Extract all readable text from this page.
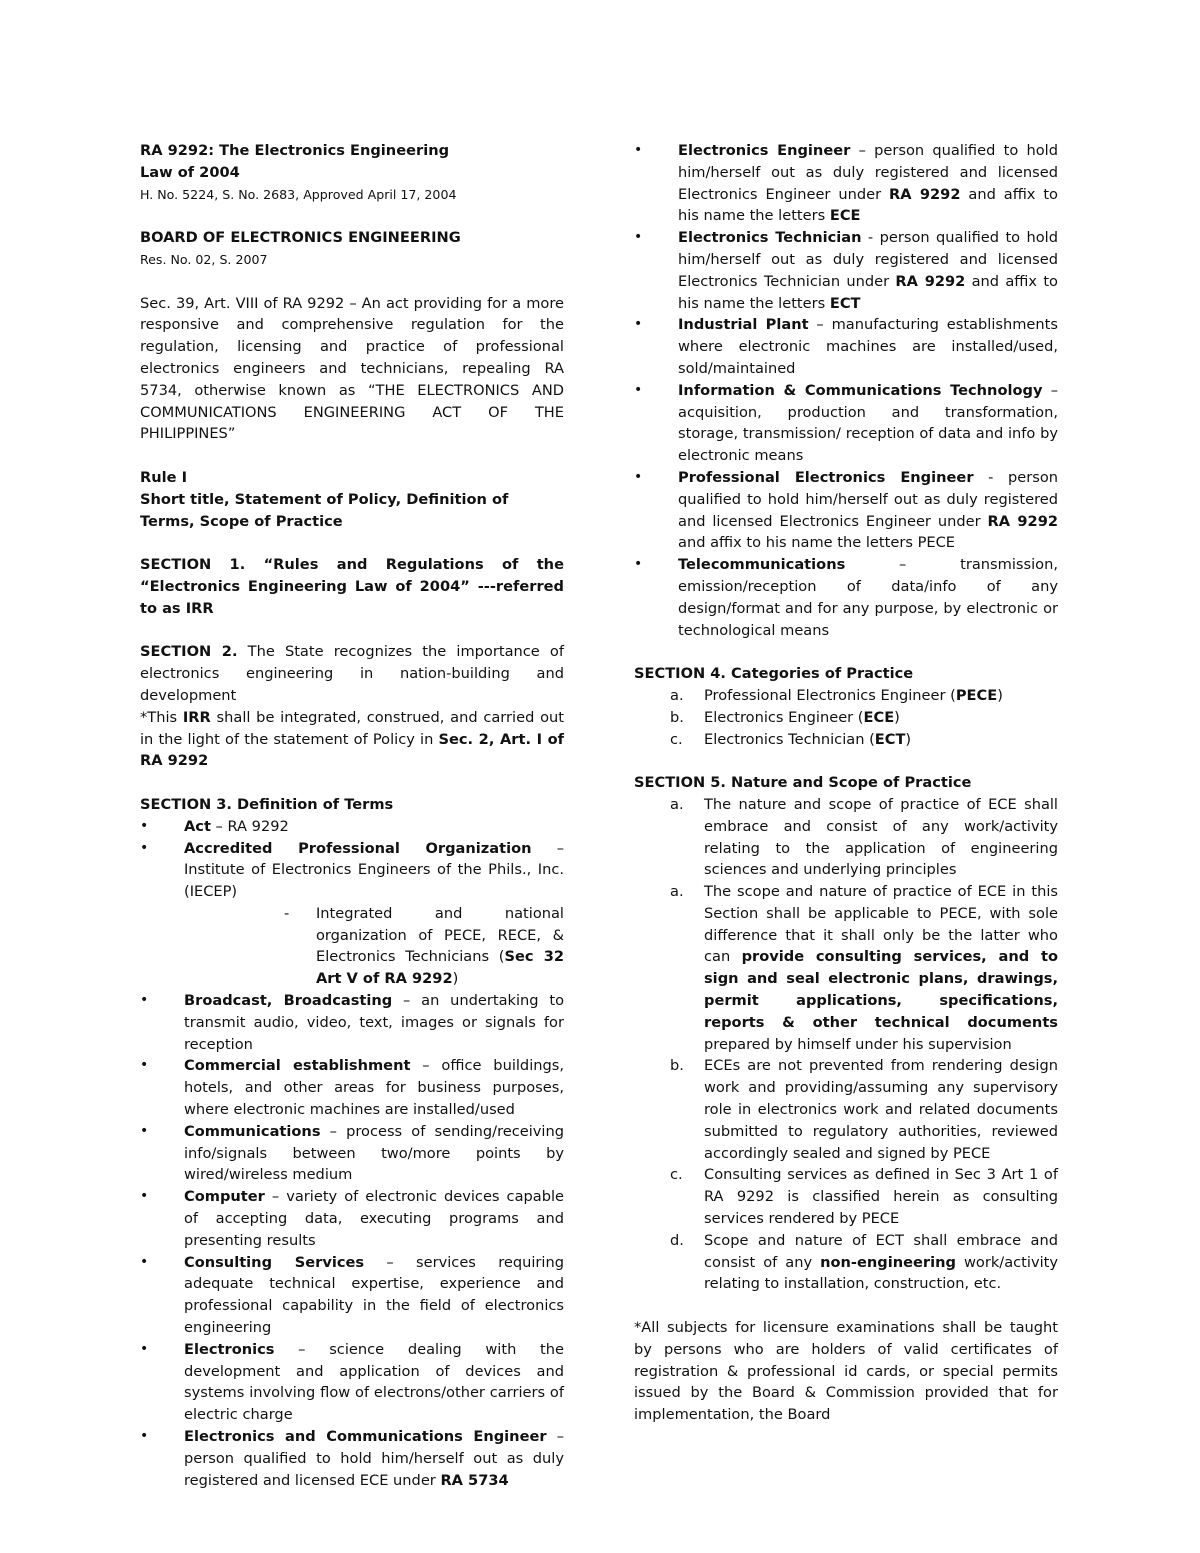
RA 9292: The Electronics Engineering

Law of 2004

H. No. 5224, S. No. 2683, Approved April 17, 2004

BOARD OF ELECTRONICS ENGINEERING

Res. No. 02, S. 2007

Sec. 39, Art. VIII of RA 9292 – An act providing for a more responsive and comprehensive regulation for the regulation, licensing and practice of professional electronics engineers and technicians, repealing RA 5734, otherwise known as “THE ELECTRONICS AND COMMUNICATIONS ENGINEERING ACT OF THE PHILIPPINES”

Rule I

Short title, Statement of Policy, Definition of Terms, Scope of Practice

SECTION 1. “Rules and Regulations of the “Electronics Engineering Law of 2004” ---referred to as IRR

SECTION 2. The State recognizes the importance of electronics engineering in nation-building and development

*This IRR shall be integrated, construed, and carried out in the light of the statement of Policy in Sec. 2, Art. I of RA 9292

SECTION 3. Definition of Terms

• Act – RA 9292
• Accredited Professional Organization – Institute of Electronics Engineers of the Phils., Inc. (IECEP)
- Integrated and national organization of PECE, RECE, & Electronics Technicians (Sec 32 Art V of RA 9292)
• Broadcast, Broadcasting – an undertaking to transmit audio, video, text, images or signals for reception
• Commercial establishment – office buildings, hotels, and other areas for business purposes, where electronic machines are installed/used
• Communications – process of sending/receiving info/signals between two/more points by wired/wireless medium
• Computer – variety of electronic devices capable of accepting data, executing programs and presenting results
• Consulting Services – services requiring adequate technical expertise, experience and professional capability in the field of electronics engineering
• Electronics – science dealing with the development and application of devices and systems involving flow of electrons/other carriers of electric charge
• Electronics and Communications Engineer – person qualified to hold him/herself out as duly registered and licensed ECE under RA 5734
• Electronics Engineer – person qualified to hold him/herself out as duly registered and licensed Electronics Engineer under RA 9292 and affix to his name the letters ECE
• Electronics Technician - person qualified to hold him/herself out as duly registered and licensed Electronics Technician under RA 9292 and affix to his name the letters ECT
• Industrial Plant – manufacturing establishments where electronic machines are installed/used, sold/maintained
• Information & Communications Technology – acquisition, production and transformation, storage, transmission/ reception of data and info by electronic means
• Professional Electronics Engineer - person qualified to hold him/herself out as duly registered and licensed Electronics Engineer under RA 9292 and affix to his name the letters PECE
• Telecommunications – transmission, emission/reception of data/info of any design/format and for any purpose, by electronic or technological means

SECTION 4. Categories of Practice

a. Professional Electronics Engineer (PECE)
b. Electronics Engineer (ECE)
c. Electronics Technician (ECT)

SECTION 5. Nature and Scope of Practice

a. The nature and scope of practice of ECE shall embrace and consist of any work/activity relating to the application of engineering sciences and underlying principles
a. The scope and nature of practice of ECE in this Section shall be applicable to PECE, with sole difference that it shall only be the latter who can provide consulting services, and to sign and seal electronic plans, drawings, permit applications, specifications, reports & other technical documents prepared by himself under his supervision
b. ECEs are not prevented from rendering design work and providing/assuming any supervisory role in electronics work and related documents submitted to regulatory authorities, reviewed accordingly sealed and signed by PECE
c. Consulting services as defined in Sec 3 Art 1 of RA 9292 is classified herein as consulting services rendered by PECE
d. Scope and nature of ECT shall embrace and consist of any non-engineering work/activity relating to installation, construction, etc.

*All subjects for licensure examinations shall be taught by persons who are holders of valid certificates of registration & professional id cards, or special permits issued by the Board & Commission provided that for implementation, the Board
